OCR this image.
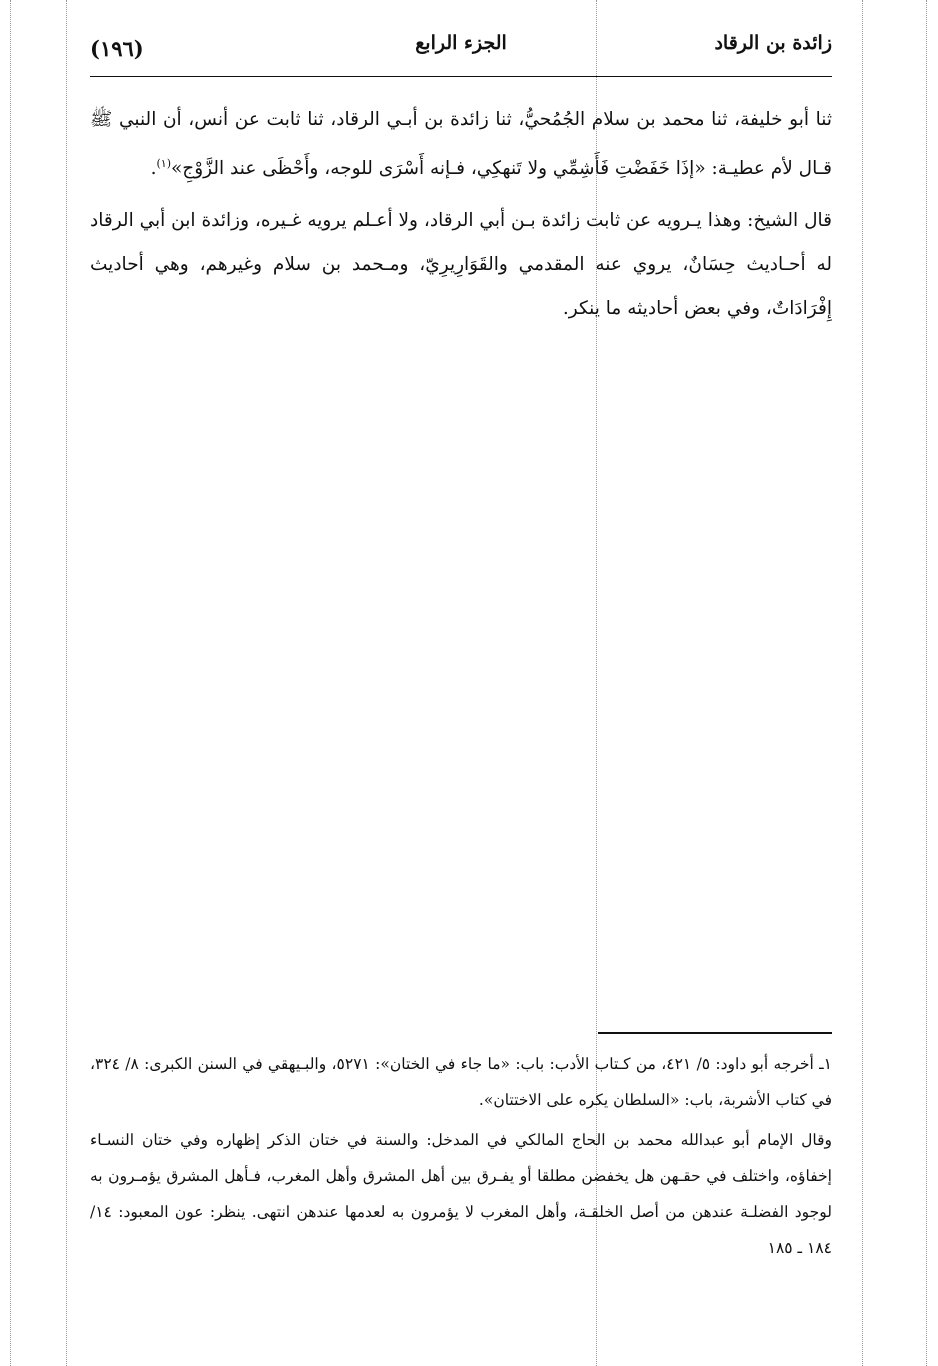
زائدة بن الرقاد
الجزء الرابع
(١٩٦)

ثنا أبو خليفة، ثنا محمد بن سلام الجُمُحيُّ، ثنا زائدة بن أبـي الرقاد، ثنا ثابت عن أنس، أن النبي ﷺ قـال لأم عطيـة: «إذَا خَفَضْتِ فَأَشِمِّي ولا تَنهكِي، فـإنه أَسْرَى للوجه، وأَحْظَى عند الزَّوْجِ»$^{(١)}$.

قال الشيخ: وهذا يـرويه عن ثابت زائدة بـن أبي الرقاد، ولا أعـلم يرويه غـيره، وزائدة ابن أبي الرقاد له أحـاديث حِسَانٌ، يروي عنه المقدمي والقَوَارِيرِيّ، ومـحمد بن سلام وغيرهم، وهي أحاديث إِفْرَادَاتٌ، وفي بعض أحاديثه ما ينكر.

١ـ أخرجه أبو داود: ٥/ ٤٢١، من كـتاب الأدب: باب: «ما جاء في الختان»: ٥٢٧١، والبـيهقي في السنن الكبرى: ٨/ ٣٢٤، في كتاب الأشربة، باب: «السلطان يكره على الاختتان».

وقال الإمام أبو عبدالله محمد بن الحاج المالكي في المدخل: والسنة في ختان الذكر إظهاره وفي ختان النسـاء إخفاؤه، واختلف في حقـهن هل يخفضن مطلقا أو يفـرق بين أهل المشرق وأهل المغرب، فـأهل المشرق يؤمـرون به لوجود الفضلـة عندهن من أصل الخلقـة، وأهل المغرب لا يؤمرون به لعدمها عندهن انتهى. ينظر: عون المعبود: ١٤/ ١٨٤ ـ ١٨٥
